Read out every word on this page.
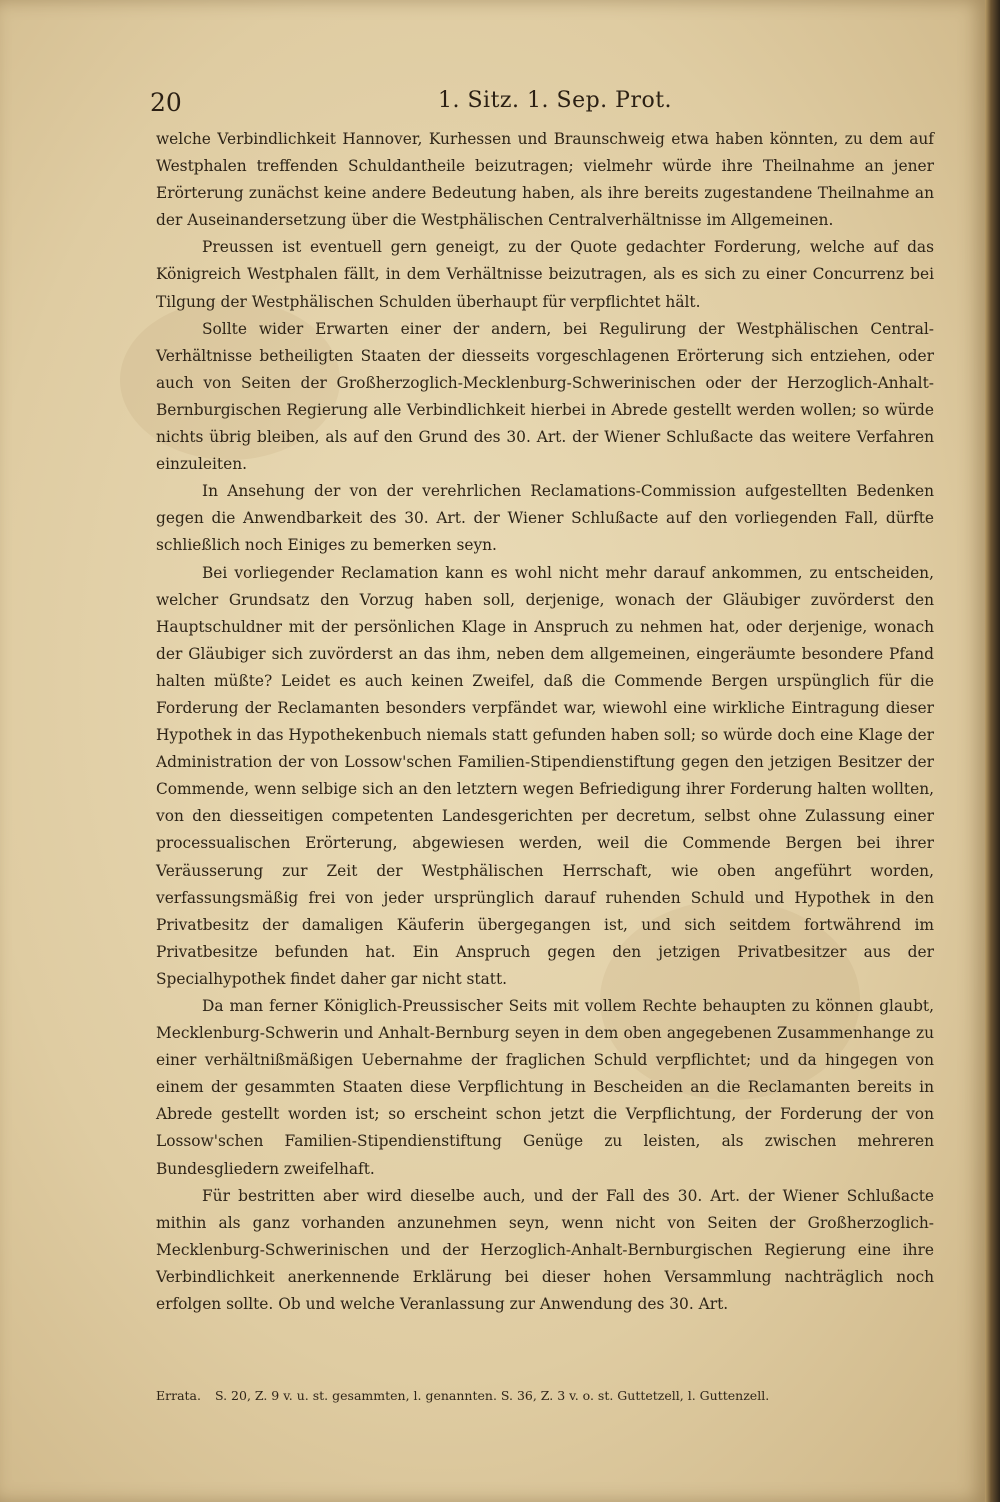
20	1. Sitz. 1. Sep. Prot.

welche Verbindlichkeit Hannover, Kurhessen und Braunschweig etwa haben könnten, zu dem auf Westphalen treffenden Schuldantheile beizutragen; vielmehr würde ihre Theilnahme an jener Erörterung zunächst keine andere Bedeutung haben, als ihre bereits zugestandene Theilnahme an der Auseinandersetzung über die Westphälischen Centralverhältnisse im Allgemeinen.

Preussen ist eventuell gern geneigt, zu der Quote gedachter Forderung, welche auf das Königreich Westphalen fällt, in dem Verhältnisse beizutragen, als es sich zu einer Concurrenz bei Tilgung der Westphälischen Schulden überhaupt für verpflichtet hält.

Sollte wider Erwarten einer der andern, bei Regulirung der Westphälischen Central-Verhältnisse betheiligten Staaten der diesseits vorgeschlagenen Erörterung sich entziehen, oder auch von Seiten der Großherzoglich-Mecklenburg-Schwerinischen oder der Herzoglich-Anhalt-Bernburgischen Regierung alle Verbindlichkeit hierbei in Abrede gestellt werden wollen; so würde nichts übrig bleiben, als auf den Grund des 30. Art. der Wiener Schlußacte das weitere Verfahren einzuleiten.

In Ansehung der von der verehrlichen Reclamations-Commission aufgestellten Bedenken gegen die Anwendbarkeit des 30. Art. der Wiener Schlußacte auf den vorliegenden Fall, dürfte schließlich noch Einiges zu bemerken seyn.

Bei vorliegender Reclamation kann es wohl nicht mehr darauf ankommen, zu entscheiden, welcher Grundsatz den Vorzug haben soll, derjenige, wonach der Gläubiger zuvörderst den Hauptschuldner mit der persönlichen Klage in Anspruch zu nehmen hat, oder derjenige, wonach der Gläubiger sich zuvörderst an das ihm, neben dem allgemeinen, eingeräumte besondere Pfand halten müßte? Leidet es auch keinen Zweifel, daß die Commende Bergen urspünglich für die Forderung der Reclamanten besonders verpfändet war, wiewohl eine wirkliche Eintragung dieser Hypothek in das Hypothekenbuch niemals statt gefunden haben soll; so würde doch eine Klage der Administration der von Lossow'schen Familien-Stipendienstiftung gegen den jetzigen Besitzer der Commende, wenn selbige sich an den letztern wegen Befriedigung ihrer Forderung halten wollten, von den diesseitigen competenten Landesgerichten per decretum, selbst ohne Zulassung einer processualischen Erörterung, abgewiesen werden, weil die Commende Bergen bei ihrer Veräusserung zur Zeit der Westphälischen Herrschaft, wie oben angeführt worden, verfassungsmäßig frei von jeder ursprünglich darauf ruhenden Schuld und Hypothek in den Privatbesitz der damaligen Käuferin übergegangen ist, und sich seitdem fortwährend im Privatbesitze befunden hat. Ein Anspruch gegen den jetzigen Privatbesitzer aus der Specialhypothek findet daher gar nicht statt.

Da man ferner Königlich-Preussischer Seits mit vollem Rechte behaupten zu können glaubt, Mecklenburg-Schwerin und Anhalt-Bernburg seyen in dem oben angegebenen Zusammenhange zu einer verhältnißmäßigen Uebernahme der fraglichen Schuld verpflichtet; und da hingegen von einem der gesammten Staaten diese Verpflichtung in Bescheiden an die Reclamanten bereits in Abrede gestellt worden ist; so erscheint schon jetzt die Verpflichtung, der Forderung der von Lossow'schen Familien-Stipendienstiftung Genüge zu leisten, als zwischen mehreren Bundesgliedern zweifelhaft.

Für bestritten aber wird dieselbe auch, und der Fall des 30. Art. der Wiener Schlußacte mithin als ganz vorhanden anzunehmen seyn, wenn nicht von Seiten der Großherzoglich-Mecklenburg-Schwerinischen und der Herzoglich-Anhalt-Bernburgischen Regierung eine ihre Verbindlichkeit anerkennende Erklärung bei dieser hohen Versammlung nachträglich noch erfolgen sollte. Ob und welche Veranlassung zur Anwendung des 30. Art.

Errata. S. 20, Z. 9 v. u. st. gesammten, l. genannten. S. 36, Z. 3 v. o. st. Guttetzell, l. Guttenzell.
